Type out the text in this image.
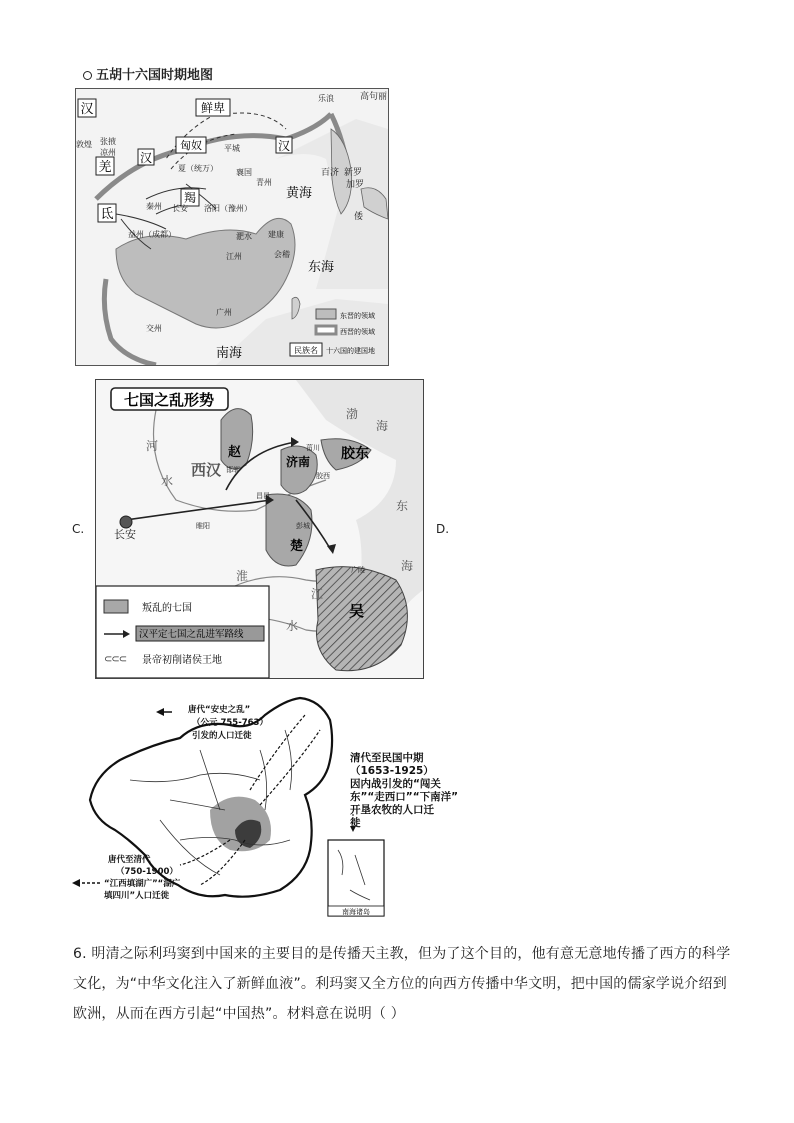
五胡十六国时期地图
汉
羌
氐
鲜卑
匈奴
羯
汉
汉
敦煌 张掖
凉州
秦州 长安 洛阳（豫州）
夏（统万）
平城
襄国
青州
益州（成都）
江州
淝水 建康
会稽
广州
交州
乐浪	高句丽
百济 新罗
加罗
倭
黄海
东海
南海
东晋的领域
西晋的领域
民族名 十六国的建国地
C.	D.
七国之乱形势
赵
济南 胶东
楚
吴
西汉 邯郸
菑川
胶西
昌邑
睢阳	彭城
广陵
长安
河
水
渤
海
东
海
淮
江
水
叛乱的七国
汉平定七国之乱进军路线
⊂⊂⊂ 景帝初削诸侯王地
唐代“安史之乱”
（公元 755-763）
引发的人口迁徙
唐代至清代
（750-1900）
“江西填湖广”“湖广
填四川”人口迁徙
南海诸岛
清代至民国中期
（1653-1925）
因内战引发的“闯关
东”“走西口”“下南洋”
开垦农牧的人口迁
徙
6. 明清之际利玛窦到中国来的主要目的是传播天主教，但为了这个目的，他有意无意地传播了西方的科学文化，为“中华文化注入了新鲜血液”。利玛窦又全方位的向西方传播中华文明，把中国的儒家学说介绍到欧洲，从而在西方引起“中国热”。材料意在说明（ ）
